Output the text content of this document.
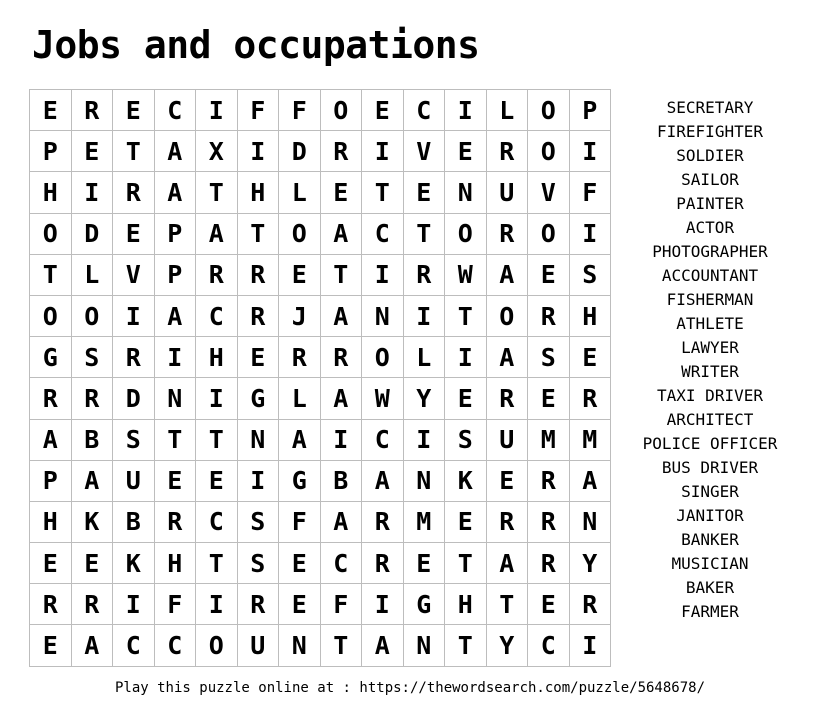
Jobs and occupations
E	R	E	C	I	F	F	O	E	C	I	L	O	P
P	E	T	A	X	I	D	R	I	V	E	R	O	I
H	I	R	A	T	H	L	E	T	E	N	U	V	F
O	D	E	P	A	T	O	A	C	T	O	R	O	I
T	L	V	P	R	R	E	T	I	R	W	A	E	S
O	O	I	A	C	R	J	A	N	I	T	O	R	H
G	S	R	I	H	E	R	R	O	L	I	A	S	E
R	R	D	N	I	G	L	A	W	Y	E	R	E	R
A	B	S	T	T	N	A	I	C	I	S	U	M	M
P	A	U	E	E	I	G	B	A	N	K	E	R	A
H	K	B	R	C	S	F	A	R	M	E	R	R	N
E	E	K	H	T	S	E	C	R	E	T	A	R	Y
R	R	I	F	I	R	E	F	I	G	H	T	E	R
E	A	C	C	O	U	N	T	A	N	T	Y	C	I
SECRETARY
FIREFIGHTER
SOLDIER
SAILOR
PAINTER
ACTOR
PHOTOGRAPHER
ACCOUNTANT
FISHERMAN
ATHLETE
LAWYER
WRITER
TAXI DRIVER
ARCHITECT
POLICE OFFICER
BUS DRIVER
SINGER
JANITOR
BANKER
MUSICIAN
BAKER
FARMER
Play this puzzle online at : https://thewordsearch.com/puzzle/5648678/
